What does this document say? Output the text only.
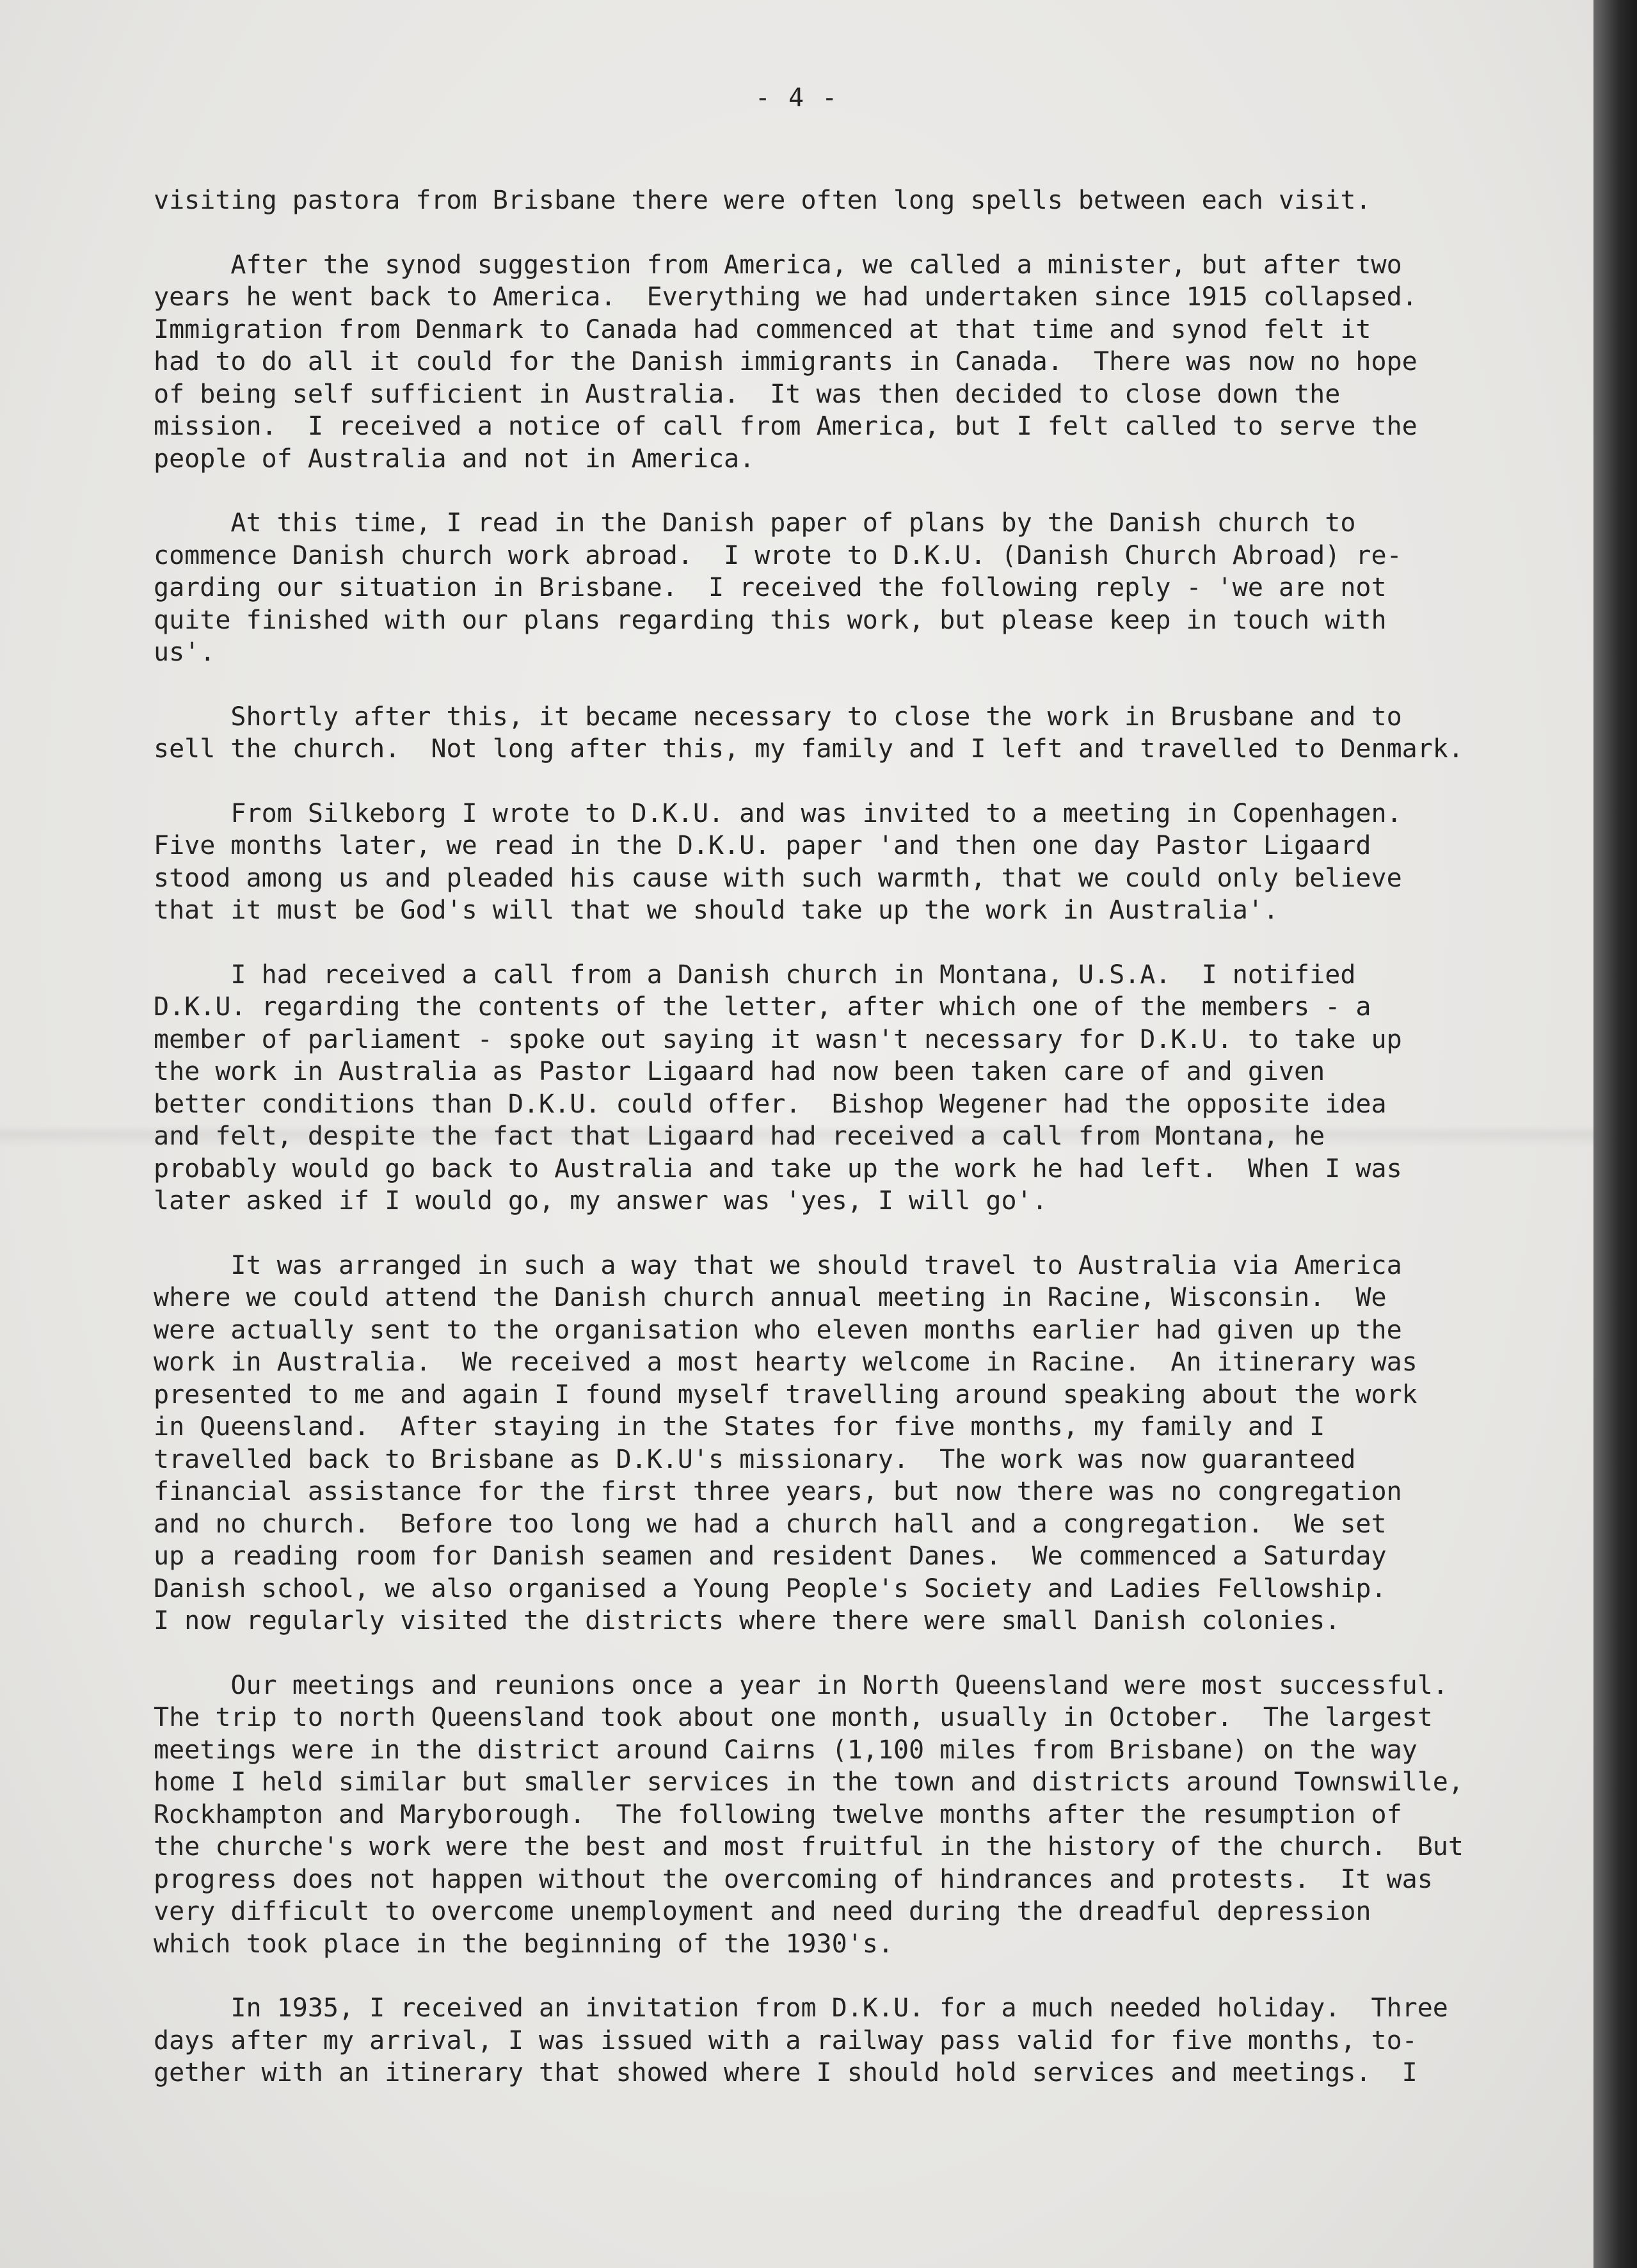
- 4 -
visiting pastora from Brisbane there were often long spells between each visit.
After the synod suggestion from America, we called a minister, but after two
years he went back to America.  Everything we had undertaken since 1915 collapsed.
Immigration from Denmark to Canada had commenced at that time and synod felt it
had to do all it could for the Danish immigrants in Canada.  There was now no hope
of being self sufficient in Australia.  It was then decided to close down the
mission.  I received a notice of call from America, but I felt called to serve the
people of Australia and not in America.
At this time, I read in the Danish paper of plans by the Danish church to
commence Danish church work abroad.  I wrote to D.K.U. (Danish Church Abroad) re-
garding our situation in Brisbane.  I received the following reply - 'we are not
quite finished with our plans regarding this work, but please keep in touch with
us'.
Shortly after this, it became necessary to close the work in Brusbane and to
sell the church.  Not long after this, my family and I left and travelled to Denmark.
From Silkeborg I wrote to D.K.U. and was invited to a meeting in Copenhagen.
Five months later, we read in the D.K.U. paper 'and then one day Pastor Ligaard
stood among us and pleaded his cause with such warmth, that we could only believe
that it must be God's will that we should take up the work in Australia'.
I had received a call from a Danish church in Montana, U.S.A.  I notified
D.K.U. regarding the contents of the letter, after which one of the members - a
member of parliament - spoke out saying it wasn't necessary for D.K.U. to take up
the work in Australia as Pastor Ligaard had now been taken care of and given
better conditions than D.K.U. could offer.  Bishop Wegener had the opposite idea
and felt, despite the fact that Ligaard had received a call from Montana, he
probably would go back to Australia and take up the work he had left.  When I was
later asked if I would go, my answer was 'yes, I will go'.
It was arranged in such a way that we should travel to Australia via America
where we could attend the Danish church annual meeting in Racine, Wisconsin.  We
were actually sent to the organisation who eleven months earlier had given up the
work in Australia.  We received a most hearty welcome in Racine.  An itinerary was
presented to me and again I found myself travelling around speaking about the work
in Queensland.  After staying in the States for five months, my family and I
travelled back to Brisbane as D.K.U's missionary.  The work was now guaranteed
financial assistance for the first three years, but now there was no congregation
and no church.  Before too long we had a church hall and a congregation.  We set
up a reading room for Danish seamen and resident Danes.  We commenced a Saturday
Danish school, we also organised a Young People's Society and Ladies Fellowship.
I now regularly visited the districts where there were small Danish colonies.
Our meetings and reunions once a year in North Queensland were most successful.
The trip to north Queensland took about one month, usually in October.  The largest
meetings were in the district around Cairns (1,100 miles from Brisbane) on the way
home I held similar but smaller services in the town and districts around Townswille,
Rockhampton and Maryborough.  The following twelve months after the resumption of
the churche's work were the best and most fruitful in the history of the church.  But
progress does not happen without the overcoming of hindrances and protests.  It was
very difficult to overcome unemployment and need during the dreadful depression
which took place in the beginning of the 1930's.
In 1935, I received an invitation from D.K.U. for a much needed holiday.  Three
days after my arrival, I was issued with a railway pass valid for five months, to-
gether with an itinerary that showed where I should hold services and meetings.  I
